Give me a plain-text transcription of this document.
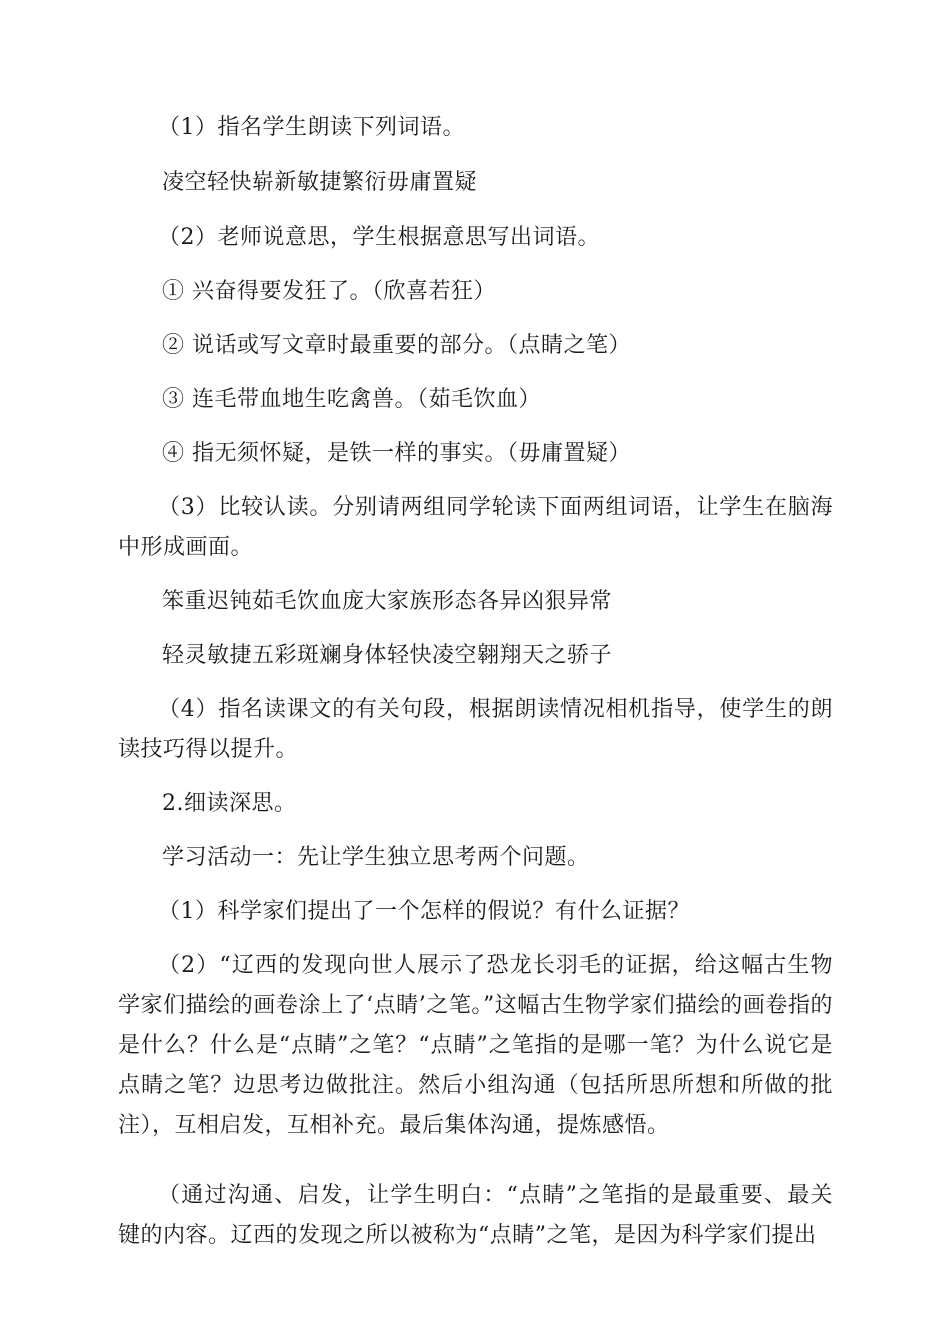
（1）指名学生朗读下列词语。

凌空轻快崭新敏捷繁衍毋庸置疑

（2）老师说意思，学生根据意思写出词语。

① 兴奋得要发狂了。（欣喜若狂）

② 说话或写文章时最重要的部分。（点睛之笔）

③ 连毛带血地生吃禽兽。（茹毛饮血）

④ 指无须怀疑，是铁一样的事实。（毋庸置疑）

（3）比较认读。分别请两组同学轮读下面两组词语，让学生在脑海中形成画面。

笨重迟钝茹毛饮血庞大家族形态各异凶狠异常

轻灵敏捷五彩斑斓身体轻快凌空翱翔天之骄子

（4）指名读课文的有关句段，根据朗读情况相机指导，使学生的朗读技巧得以提升。

2.细读深思。

学习活动一：先让学生独立思考两个问题。

（1）科学家们提出了一个怎样的假说？有什么证据？

（2）“辽西的发现向世人展示了恐龙长羽毛的证据，给这幅古生物学家们描绘的画卷涂上了‘点睛’之笔。”这幅古生物学家们描绘的画卷指的是什么？什么是“点睛”之笔？“点睛”之笔指的是哪一笔？为什么说它是点睛之笔？边思考边做批注。然后小组沟通（包括所思所想和所做的批注），互相启发，互相补充。最后集体沟通，提炼感悟。

（通过沟通、启发，让学生明白：“点睛”之笔指的是最重要、最关键的内容。辽西的发现之所以被称为“点睛”之笔，是因为科学家们提出
